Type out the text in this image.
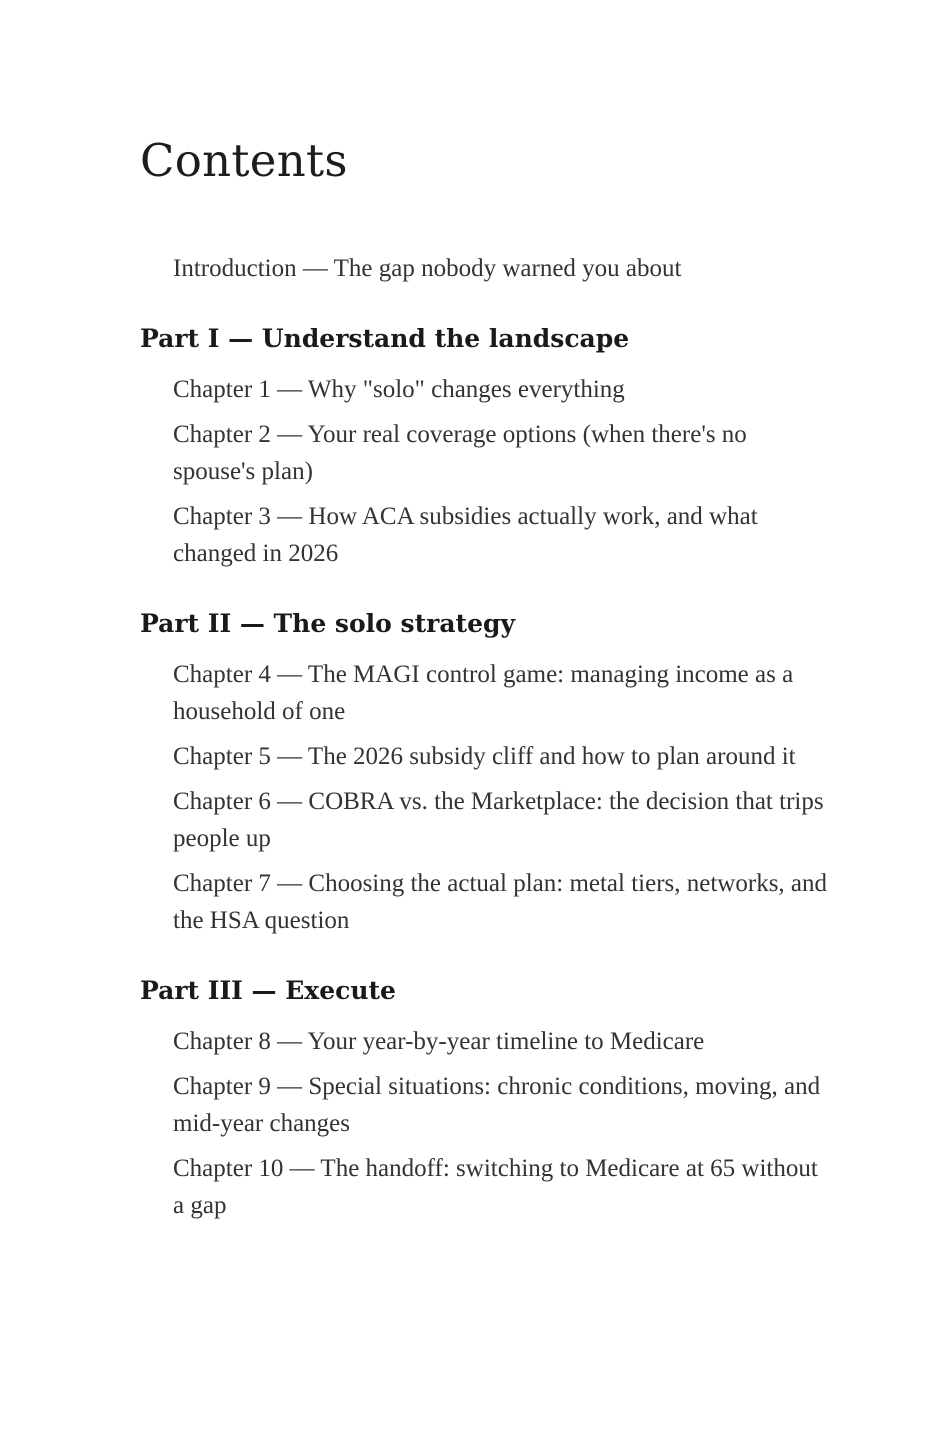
Contents
Introduction — The gap nobody warned you about
Part I — Understand the landscape
Chapter 1 — Why "solo" changes everything
Chapter 2 — Your real coverage options (when there's no spouse's plan)
Chapter 3 — How ACA subsidies actually work, and what changed in 2026
Part II — The solo strategy
Chapter 4 — The MAGI control game: managing income as a household of one
Chapter 5 — The 2026 subsidy cliff and how to plan around it
Chapter 6 — COBRA vs. the Marketplace: the decision that trips people up
Chapter 7 — Choosing the actual plan: metal tiers, networks, and the HSA question
Part III — Execute
Chapter 8 — Your year-by-year timeline to Medicare
Chapter 9 — Special situations: chronic conditions, moving, and mid-year changes
Chapter 10 — The handoff: switching to Medicare at 65 without a gap
